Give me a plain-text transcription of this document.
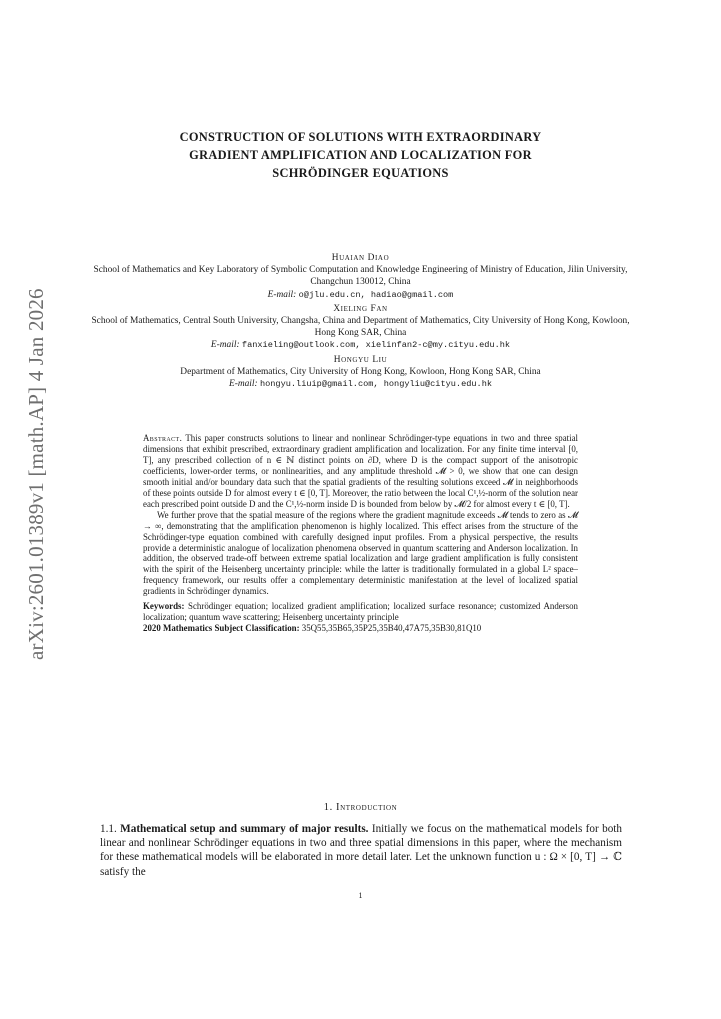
arXiv:2601.01389v1 [math.AP] 4 Jan 2026
CONSTRUCTION OF SOLUTIONS WITH EXTRAORDINARY
GRADIENT AMPLIFICATION AND LOCALIZATION FOR
SCHRÖDINGER EQUATIONS
Huaian Diao
School of Mathematics and Key Laboratory of Symbolic Computation and Knowledge Engineering of Ministry of Education, Jilin University, Changchun 130012, China
E-mail: o@jlu.edu.cn, hadiao@gmail.com
Xieling Fan
School of Mathematics, Central South University, Changsha, China and Department of Mathematics, City University of Hong Kong, Kowloon, Hong Kong SAR, China
E-mail: fanxieling@outlook.com, xielinfan2-c@my.cityu.edu.hk
Hongyu Liu
Department of Mathematics, City University of Hong Kong, Kowloon, Hong Kong SAR, China
E-mail: hongyu.liuip@gmail.com, hongyliu@cityu.edu.hk

Abstract. This paper constructs solutions to linear and nonlinear Schrödinger-type equations in two and three spatial dimensions that exhibit prescribed, extraordinary gradient amplification and localization. For any finite time interval [0, T], any prescribed collection of n ∈ ℕ distinct points on ∂D, where D is the compact support of the anisotropic coefficients, lower-order terms, or nonlinearities, and any amplitude threshold 𝓜 > 0, we show that one can design smooth initial and/or boundary data such that the spatial gradients of the resulting solutions exceed 𝓜 in neighborhoods of these points outside D for almost every t ∈ [0, T]. Moreover, the ratio between the local C¹,½-norm of the solution near each prescribed point outside D and the C¹,½-norm inside D is bounded from below by 𝓜/2 for almost every t ∈ [0, T].

We further prove that the spatial measure of the regions where the gradient magnitude exceeds 𝓜 tends to zero as 𝓜 → ∞, demonstrating that the amplification phenomenon is highly localized. This effect arises from the structure of the Schrödinger-type equation combined with carefully designed input profiles. From a physical perspective, the results provide a deterministic analogue of localization phenomena observed in quantum scattering and Anderson localization. In addition, the observed trade-off between extreme spatial localization and large gradient amplification is fully consistent with the spirit of the Heisenberg uncertainty principle: while the latter is traditionally formulated in a global L² space–frequency framework, our results offer a complementary deterministic manifestation at the level of localized spatial gradients in Schrödinger dynamics.

Keywords: Schrödinger equation; localized gradient amplification; localized surface resonance; customized Anderson localization; quantum wave scattering; Heisenberg uncertainty principle

2020 Mathematics Subject Classification: 35Q55,35B65,35P25,35B40,47A75,35B30,81Q10

1. Introduction

1.1. Mathematical setup and summary of major results. Initially we focus on the mathematical models for both linear and nonlinear Schrödinger equations in two and three spatial dimensions in this paper, where the mechanism for these mathematical models will be elaborated in more detail later. Let the unknown function u : Ω × [0, T] → ℂ satisfy the

1
